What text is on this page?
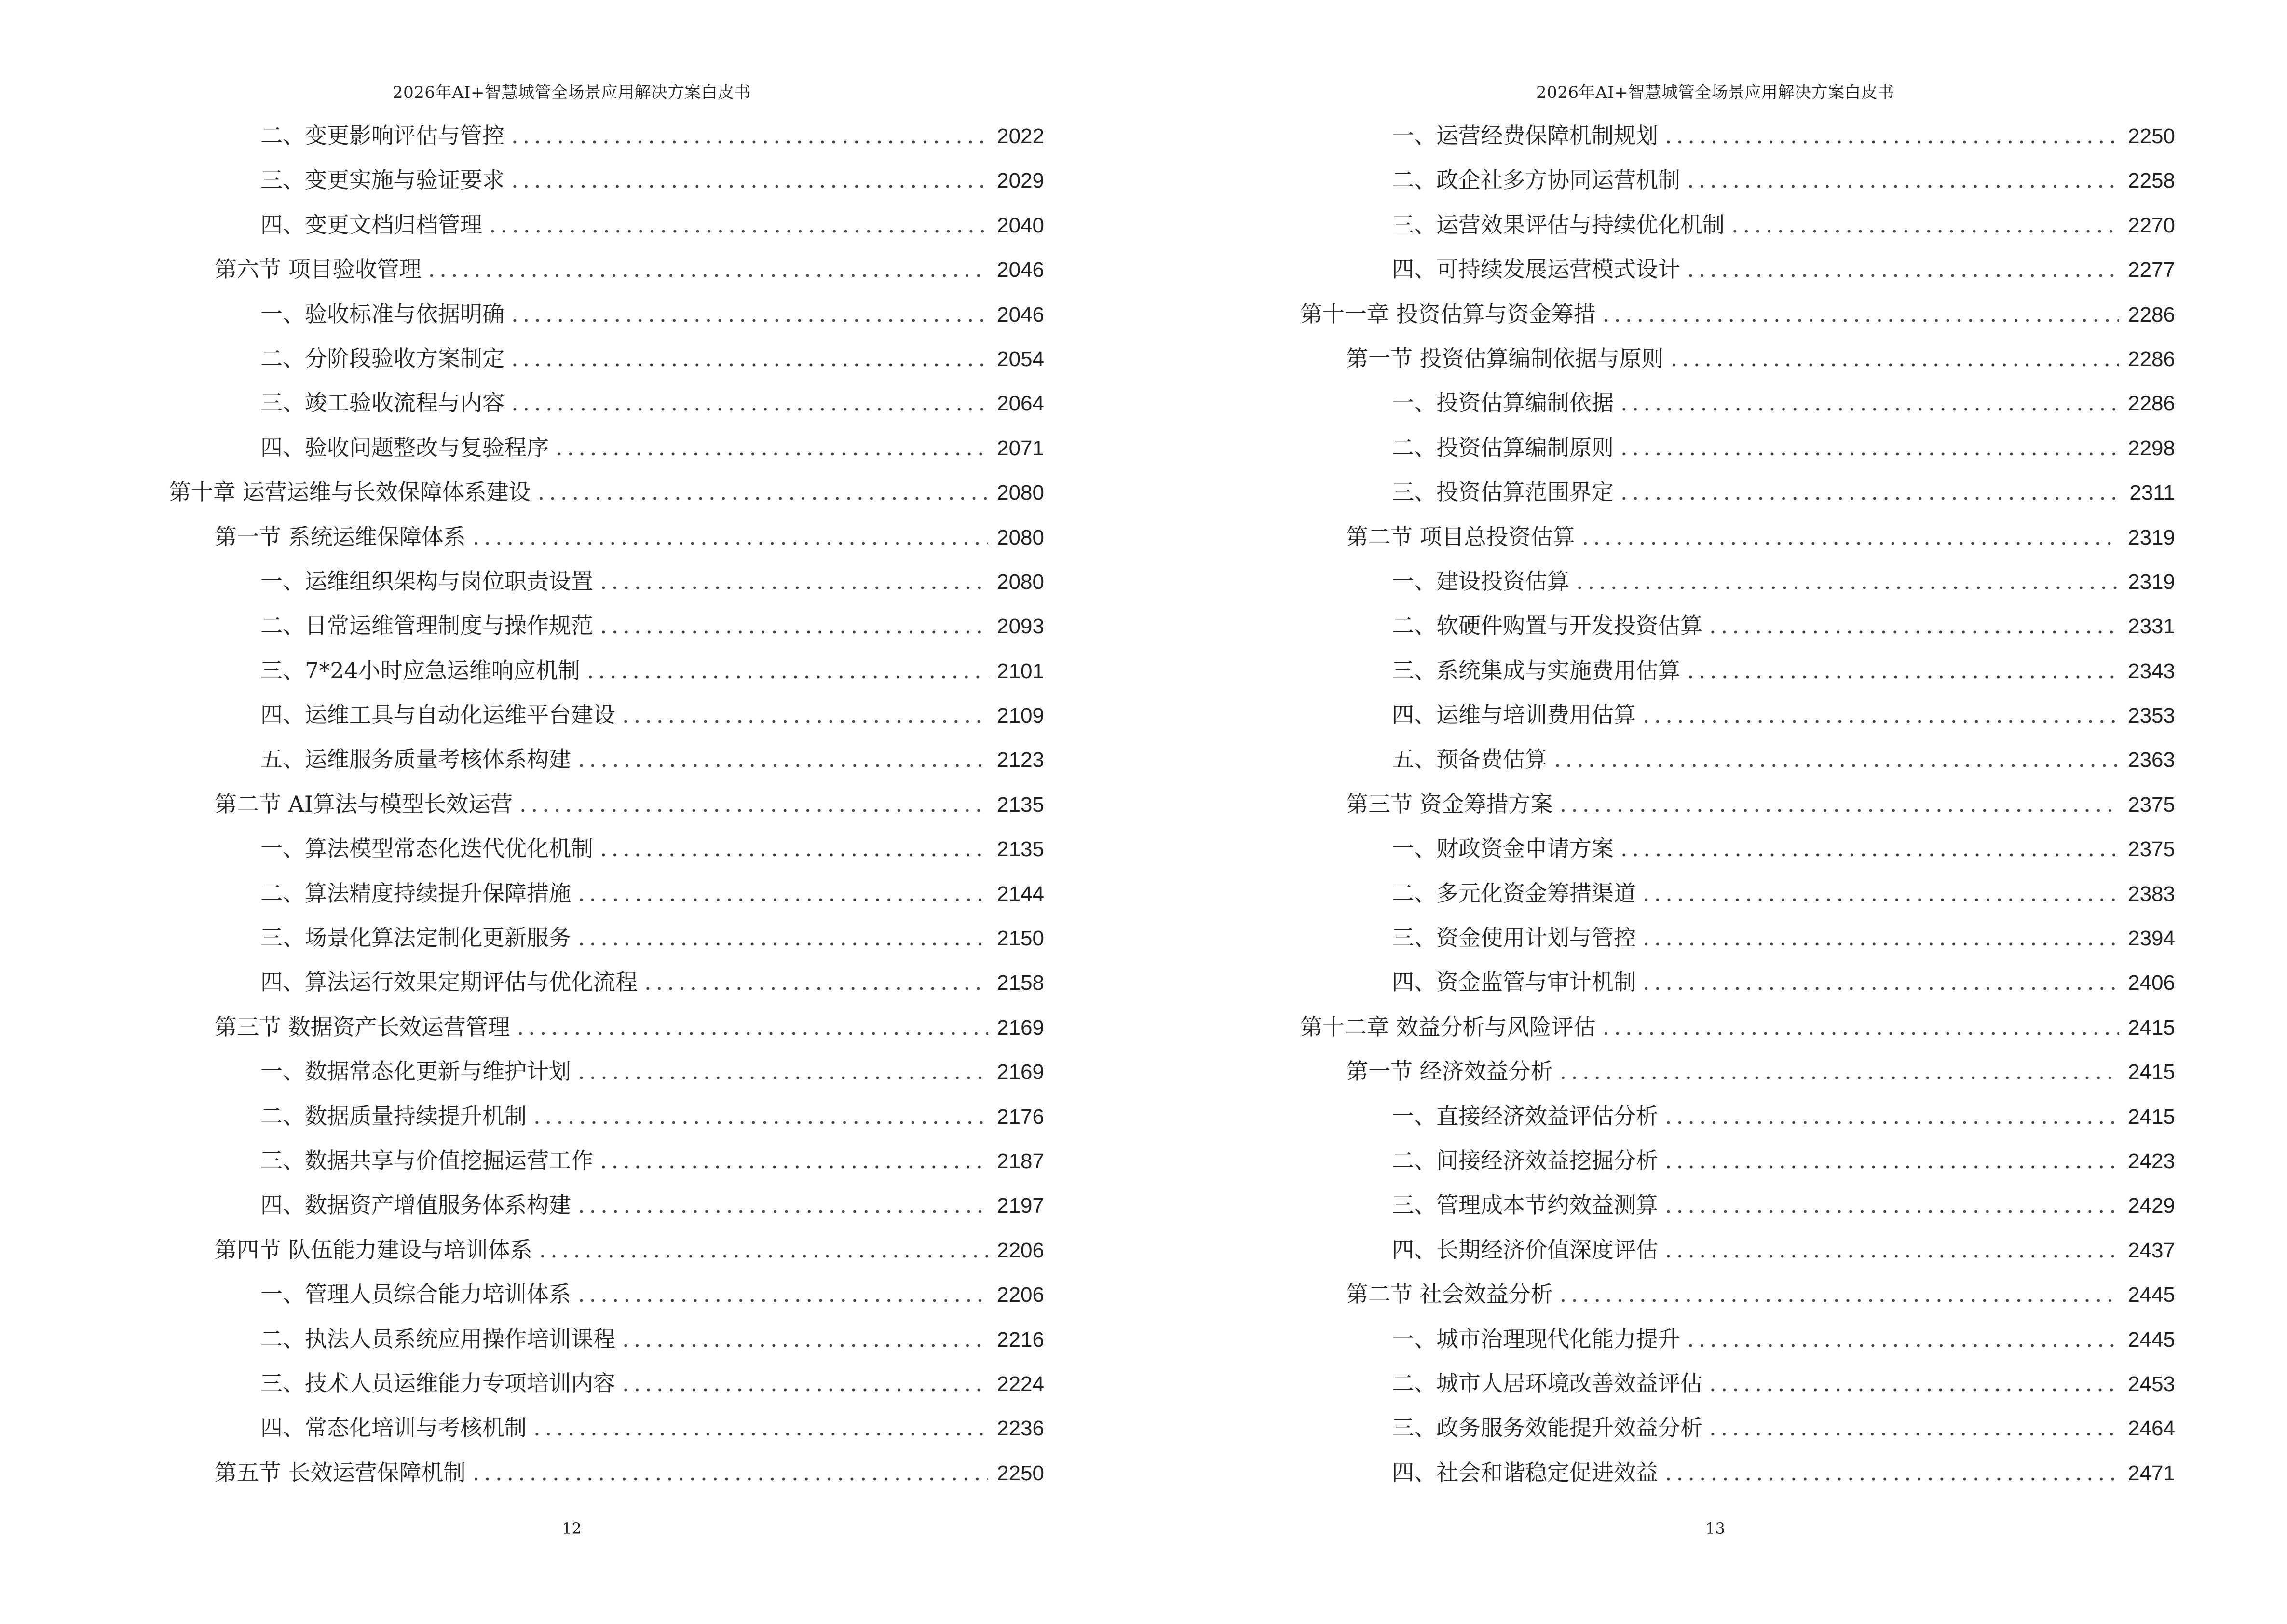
2026年AI+智慧城管全场景应用解决方案白皮书
二、变更影响评估与管控 .....	2022
三、变更实施与验证要求 .....	2029
四、变更文档归档管理 .....	2040
第六节 项目验收管理 .....	2046
一、验收标准与依据明确 .....	2046
二、分阶段验收方案制定 .....	2054
三、竣工验收流程与内容 .....	2064
四、验收问题整改与复验程序 .....	2071
第十章 运营运维与长效保障体系建设 .....	2080
第一节 系统运维保障体系 .....	2080
一、运维组织架构与岗位职责设置 .....	2080
二、日常运维管理制度与操作规范 .....	2093
三、7*24小时应急运维响应机制 .....	2101
四、运维工具与自动化运维平台建设 .....	2109
五、运维服务质量考核体系构建 .....	2123
第二节 AI算法与模型长效运营 .....	2135
一、算法模型常态化迭代优化机制 .....	2135
二、算法精度持续提升保障措施 .....	2144
三、场景化算法定制化更新服务 .....	2150
四、算法运行效果定期评估与优化流程 .....	2158
第三节 数据资产长效运营管理 .....	2169
一、数据常态化更新与维护计划 .....	2169
二、数据质量持续提升机制 .....	2176
三、数据共享与价值挖掘运营工作 .....	2187
四、数据资产增值服务体系构建 .....	2197
第四节 队伍能力建设与培训体系 .....	2206
一、管理人员综合能力培训体系 .....	2206
二、执法人员系统应用操作培训课程 .....	2216
三、技术人员运维能力专项培训内容 .....	2224
四、常态化培训与考核机制 .....	2236
第五节 长效运营保障机制 .....	2250
12
2026年AI+智慧城管全场景应用解决方案白皮书
一、运营经费保障机制规划 .....	2250
二、政企社多方协同运营机制 .....	2258
三、运营效果评估与持续优化机制 .....	2270
四、可持续发展运营模式设计 .....	2277
第十一章 投资估算与资金筹措 .....	2286
第一节 投资估算编制依据与原则 .....	2286
一、投资估算编制依据 .....	2286
二、投资估算编制原则 .....	2298
三、投资估算范围界定 .....	2311
第二节 项目总投资估算 .....	2319
一、建设投资估算 .....	2319
二、软硬件购置与开发投资估算 .....	2331
三、系统集成与实施费用估算 .....	2343
四、运维与培训费用估算 .....	2353
五、预备费估算 .....	2363
第三节 资金筹措方案 .....	2375
一、财政资金申请方案 .....	2375
二、多元化资金筹措渠道 .....	2383
三、资金使用计划与管控 .....	2394
四、资金监管与审计机制 .....	2406
第十二章 效益分析与风险评估 .....	2415
第一节 经济效益分析 .....	2415
一、直接经济效益评估分析 .....	2415
二、间接经济效益挖掘分析 .....	2423
三、管理成本节约效益测算 .....	2429
四、长期经济价值深度评估 .....	2437
第二节 社会效益分析 .....	2445
一、城市治理现代化能力提升 .....	2445
二、城市人居环境改善效益评估 .....	2453
三、政务服务效能提升效益分析 .....	2464
四、社会和谐稳定促进效益 .....	2471
13
